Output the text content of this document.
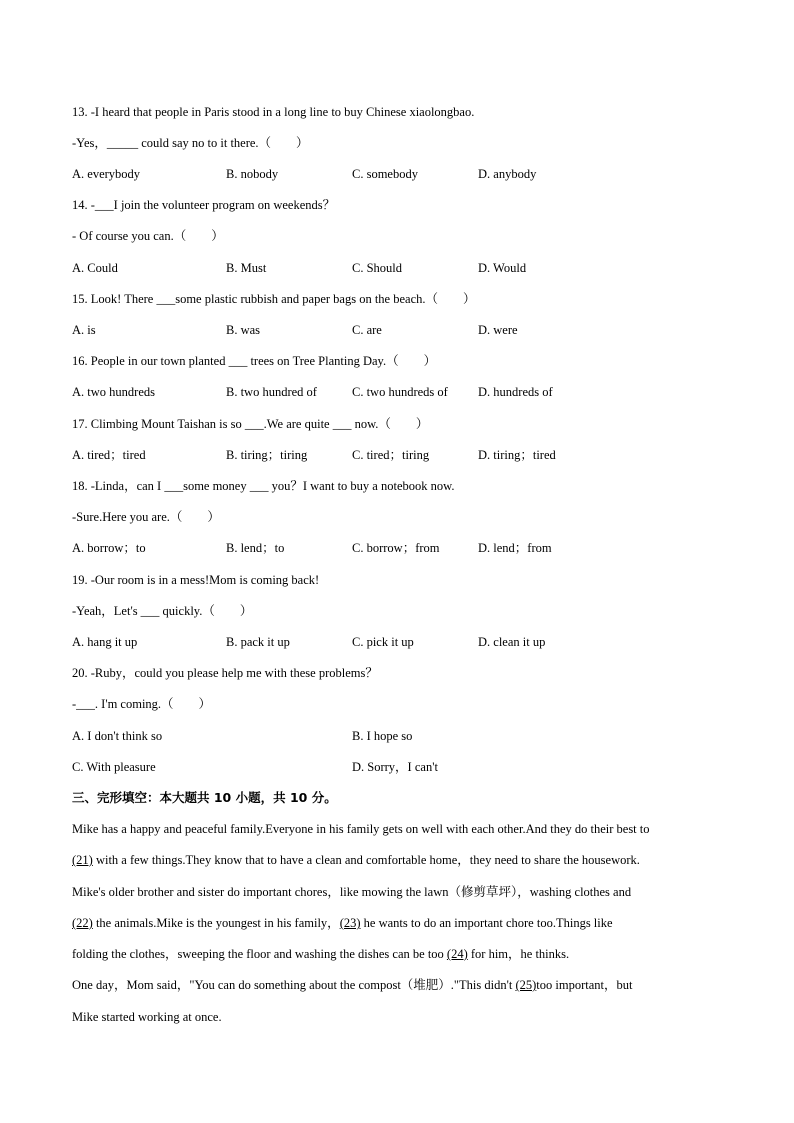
13. -I heard that people in Paris stood in a long line to buy Chinese xiaolongbao.
-Yes，_____ could say no to it there.（　　）
A. everybody	B. nobody	C. somebody	D. anybody
14. -___I join the volunteer program on weekends？
- Of course you can.（　　）
A. Could	B. Must	C. Should	D. Would
15. Look! There ___some plastic rubbish and paper bags on the beach.（　　）
A. is	B. was	C. are	D. were
16. People in our town planted ___ trees on Tree Planting Day.（　　）
A. two hundreds	B. two hundred of	C. two hundreds of D. hundreds of
17. Climbing Mount Taishan is so ___.We are quite ___ now.（　　）
A. tired；tired	B. tiring；tiring	C. tired；tiring	D. tiring；tired
18. -Linda，can I ___some money ___ you？I want to buy a notebook now.
-Sure.Here you are.（　　）
A. borrow；to	B. lend；to	C. borrow；from	D. lend；from
19. -Our room is in a mess!Mom is coming back!
-Yeah，Let's ___ quickly.（　　）
A. hang it up	B. pack it up	C. pick it up	D. clean it up
20. -Ruby，could you please help me with these problems？
-___. I'm coming.（　　）
A. I don't think so	B. I hope so
C. With pleasure	D. Sorry，I can't
三、完形填空：本大题共 10 小题，共 10 分。
Mike has a happy and peaceful family.Everyone in his family gets on well with each other.And they do their best to
(21) with a few things.They know that to have a clean and comfortable home，they need to share the housework.
Mike's older brother and sister do important chores，like mowing the lawn（修剪草坪），washing clothes and
(22) the animals.Mike is the youngest in his family，(23) he wants to do an important chore too.Things like
folding the clothes，sweeping the floor and washing the dishes can be too (24) for him，he thinks.
One day，Mom said，"You can do something about the compost（堆肥）."This didn't (25)too important，but
Mike started working at once.
